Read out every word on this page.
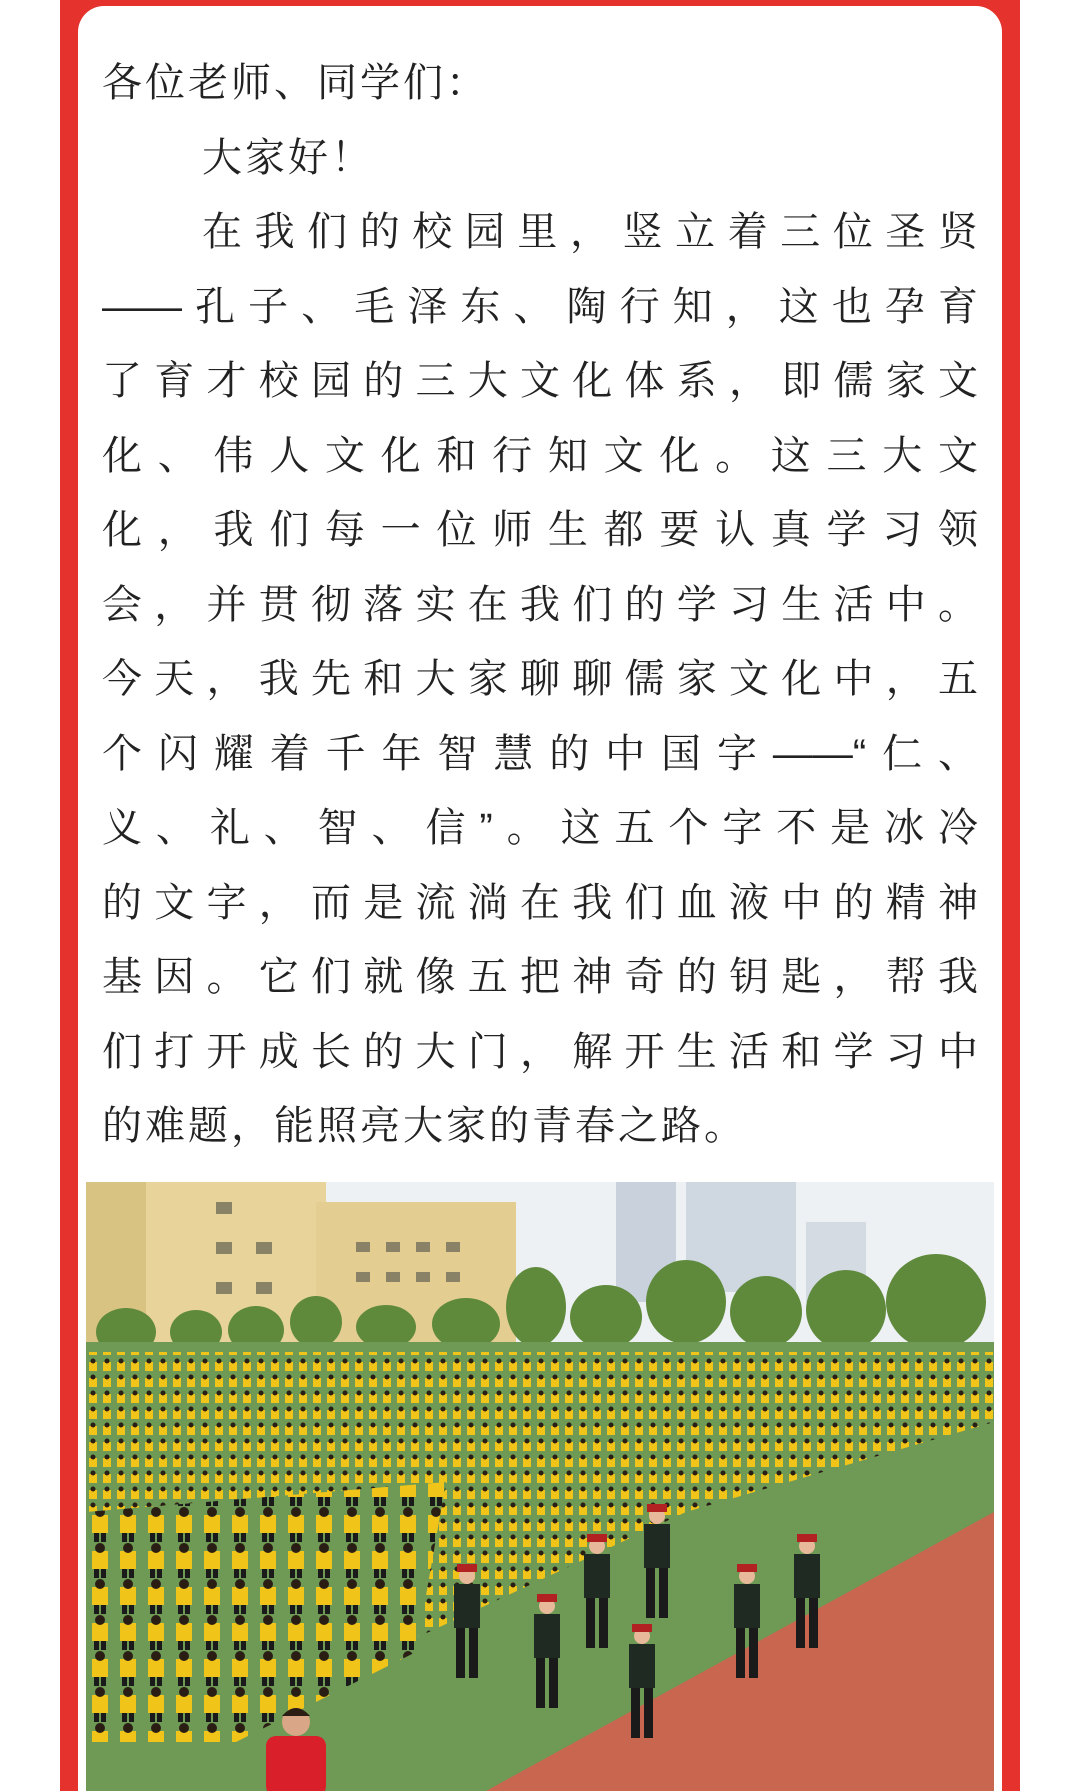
各位老师、同学们：
大家好！
在我们的校园里，竖立着三位圣贤
——孔子、毛泽东、陶行知，这也孕育
了育才校园的三大文化体系，即儒家文
化、伟人文化和行知文化。这三大文
化，我们每一位师生都要认真学习领
会，并贯彻落实在我们的学习生活中。
今天，我先和大家聊聊儒家文化中，五
个闪耀着千年智慧的中国字——“仁、
义、礼、智、信”。这五个字不是冰冷
的文字，而是流淌在我们血液中的精神
基因。它们就像五把神奇的钥匙，帮我
们打开成长的大门，解开生活和学习中
的难题，能照亮大家的青春之路。
